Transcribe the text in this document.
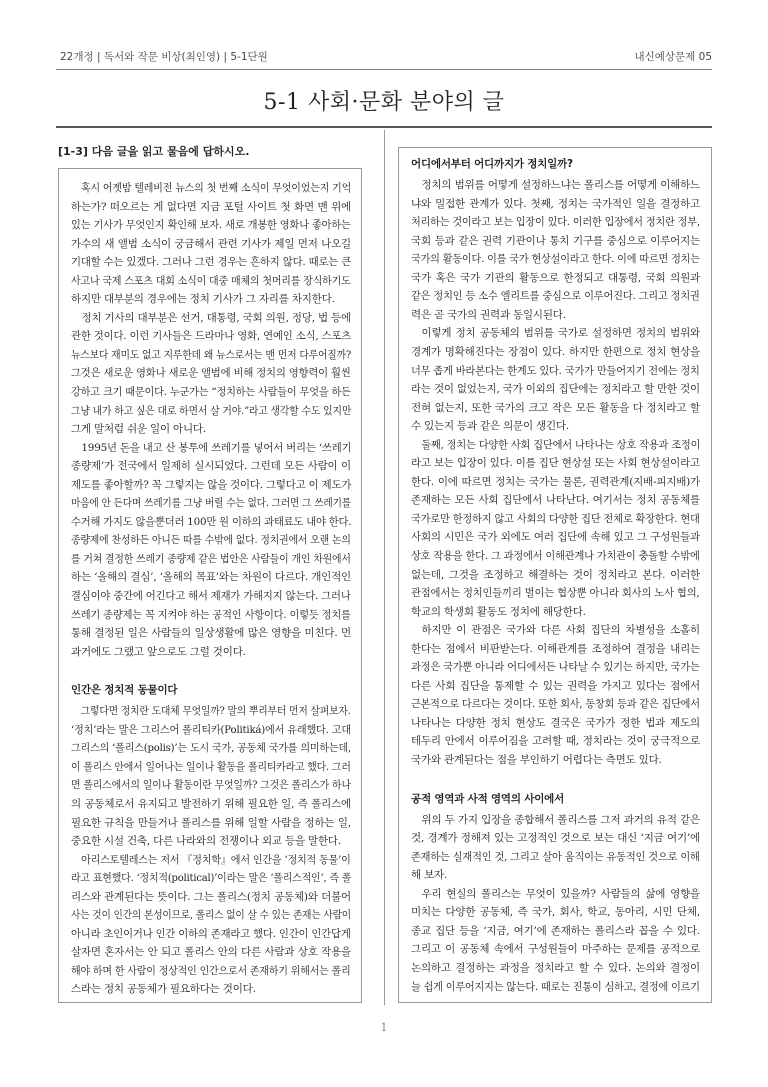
22개정 | 독서와 작문 비상(최인영) | 5-1단원	내신예상문제 05
5-1 사회·문화 분야의 글
[1-3] 다음 글을 읽고 물음에 답하시오.
혹시 어젯밤 텔레비전 뉴스의 첫 번째 소식이 무엇이었는지 기억
하는가? 떠오르는 게 없다면 지금 포털 사이트 첫 화면 맨 위에
있는 기사가 무엇인지 확인해 보자. 새로 개봉한 영화나 좋아하는
가수의 새 앨범 소식이 궁금해서 관련 기사가 제일 먼저 나오길
기대할 수는 있겠다. 그러나 그런 경우는 흔하지 않다. 때로는 큰
사고나 국제 스포츠 대회 소식이 대중 매체의 첫머리를 장식하기도
하지만 대부분의 경우에는 정치 기사가 그 자리를 차지한다.
정치 기사의 대부분은 선거, 대통령, 국회 의원, 정당, 법 등에
관한 것이다. 이런 기사들은 드라마나 영화, 연예인 소식, 스포츠
뉴스보다 재미도 없고 지루한데 왜 뉴스로서는 맨 먼저 다루어질까?
그것은 새로운 영화나 새로운 앨범에 비해 정치의 영향력이 훨씬
강하고 크기 때문이다. 누군가는 “정치하는 사람들이 무엇을 하든
그냥 내가 하고 싶은 대로 하면서 살 거야.”라고 생각할 수도 있지만
그게 말처럼 쉬운 일이 아니다.
1995년 돈을 내고 산 봉투에 쓰레기를 넣어서 버리는 ‘쓰레기
종량제’가 전국에서 일제히 실시되었다. 그런데 모든 사람이 이
제도를 좋아할까? 꼭 그렇지는 않을 것이다. 그렇다고 이 제도가
마음에 안 든다며 쓰레기를 그냥 버릴 수는 없다. 그러면 그 쓰레기를
수거해 가지도 않을뿐더러 100만 원 이하의 과태료도 내야 한다.
종량제에 찬성하든 아니든 따를 수밖에 없다. 정치권에서 오랜 논의
를 거쳐 결정한 쓰레기 종량제 같은 법안은 사람들이 개인 차원에서
하는 ‘올해의 결심’, ‘올해의 목표’와는 차원이 다르다. 개인적인
결심이야 중간에 어긴다고 해서 제재가 가해지지 않는다. 그러나
쓰레기 종량제는 꼭 지켜야 하는 공적인 사항이다. 이렇듯 정치를
통해 결정된 일은 사람들의 일상생활에 많은 영향을 미친다. 먼
과거에도 그랬고 앞으로도 그럴 것이다.
인간은 정치적 동물이다
그렇다면 정치란 도대체 무엇일까? 말의 뿌리부터 먼저 살펴보자.
‘정치’라는 말은 그리스어 폴리티카(Politiká)에서 유래했다. 고대
그리스의 ‘폴리스(polis)’는 도시 국가, 공동체 국가를 의미하는데,
이 폴리스 안에서 일어나는 일이나 활동을 폴리티카라고 했다. 그러
면 폴리스에서의 일이나 활동이란 무엇일까? 그것은 폴리스가 하나
의 공동체로서 유지되고 발전하기 위해 필요한 일, 즉 폴리스에
필요한 규칙을 만들거나 폴리스를 위해 일할 사람을 정하는 일,
중요한 시설 건축, 다른 나라와의 전쟁이나 외교 등을 말한다.
아리스토텔레스는 저서 『정치학』에서 인간을 ‘정치적 동물’이
라고 표현했다. ‘정치적(political)’이라는 말은 ‘폴리스적인’, 즉 폴
리스와 관계된다는 뜻이다. 그는 폴리스(정치 공동체)와 더불어
사는 것이 인간의 본성이므로, 폴리스 없이 살 수 있는 존재는 사람이
아니라 초인이거나 인간 이하의 존재라고 했다. 인간이 인간답게
살자면 혼자서는 안 되고 폴리스 안의 다른 사람과 상호 작용을
해야 하며 한 사람이 정상적인 인간으로서 존재하기 위해서는 폴리
스라는 정치 공동체가 필요하다는 것이다.
어디에서부터 어디까지가 정치일까?
정치의 범위를 어떻게 설정하느냐는 폴리스를 어떻게 이해하느
냐와 밀접한 관계가 있다. 첫째, 정치는 국가적인 일을 결정하고
처리하는 것이라고 보는 입장이 있다. 이러한 입장에서 정치란 정부,
국회 등과 같은 권력 기관이나 통치 기구를 중심으로 이루어지는
국가의 활동이다. 이를 국가 현상설이라고 한다. 이에 따르면 정치는
국가 혹은 국가 기관의 활동으로 한정되고 대통령, 국회 의원과
같은 정치인 등 소수 엘리트를 중심으로 이루어진다. 그리고 정치권
력은 곧 국가의 권력과 동일시된다.
이렇게 정치 공동체의 범위를 국가로 설정하면 정치의 범위와
경계가 명확해진다는 장점이 있다. 하지만 한편으로 정치 현상을
너무 좁게 바라본다는 한계도 있다. 국가가 만들어지기 전에는 정치
라는 것이 없었는지, 국가 이외의 집단에는 정치라고 할 만한 것이
전혀 없는지, 또한 국가의 크고 작은 모든 활동을 다 정치라고 할
수 있는지 등과 같은 의문이 생긴다.
둘째, 정치는 다양한 사회 집단에서 나타나는 상호 작용과 조정이
라고 보는 입장이 있다. 이를 집단 현상설 또는 사회 현상설이라고
한다. 이에 따르면 정치는 국가는 물론, 권력관계(지배-피지배)가
존재하는 모든 사회 집단에서 나타난다. 여기서는 정치 공동체를
국가로만 한정하지 않고 사회의 다양한 집단 전체로 확장한다. 현대
사회의 시민은 국가 외에도 여러 집단에 속해 있고 그 구성원들과
상호 작용을 한다. 그 과정에서 이해관계나 가치관이 충돌할 수밖에
없는데, 그것을 조정하고 해결하는 것이 정치라고 본다. 이러한
관점에서는 정치인들끼리 벌이는 협상뿐 아니라 회사의 노사 협의,
학교의 학생회 활동도 정치에 해당한다.
하지만 이 관점은 국가와 다른 사회 집단의 차별성을 소홀히
한다는 점에서 비판받는다. 이해관계를 조정하여 결정을 내리는
과정은 국가뿐 아니라 어디에서든 나타날 수 있기는 하지만, 국가는
다른 사회 집단을 통제할 수 있는 권력을 가지고 있다는 점에서
근본적으로 다르다는 것이다. 또한 회사, 동창회 등과 같은 집단에서
나타나는 다양한 정치 현상도 결국은 국가가 정한 법과 제도의
테두리 안에서 이루어짐을 고려할 때, 정치라는 것이 궁극적으로
국가와 관계된다는 점을 부인하기 어렵다는 측면도 있다.
공적 영역과 사적 영역의 사이에서
위의 두 가지 입장을 종합해서 폴리스를 그저 과거의 유적 같은
것, 경계가 정해져 있는 고정적인 것으로 보는 대신 ‘지금 여기’에
존재하는 실재적인 것, 그리고 살아 움직이는 유동적인 것으로 이해
해 보자.
우리 현실의 폴리스는 무엇이 있을까? 사람들의 삶에 영향을
미치는 다양한 공동체, 즉 국가, 회사, 학교, 동아리, 시민 단체,
종교 집단 등을 ‘지금, 여기’에 존재하는 폴리스라 꼽을 수 있다.
그리고 이 공동체 속에서 구성원들이 마주하는 문제를 공적으로
논의하고 결정하는 과정을 정치라고 할 수 있다. 논의와 결정이
늘 쉽게 이루어지지는 않는다. 때로는 진통이 심하고, 결정에 이르기
1
